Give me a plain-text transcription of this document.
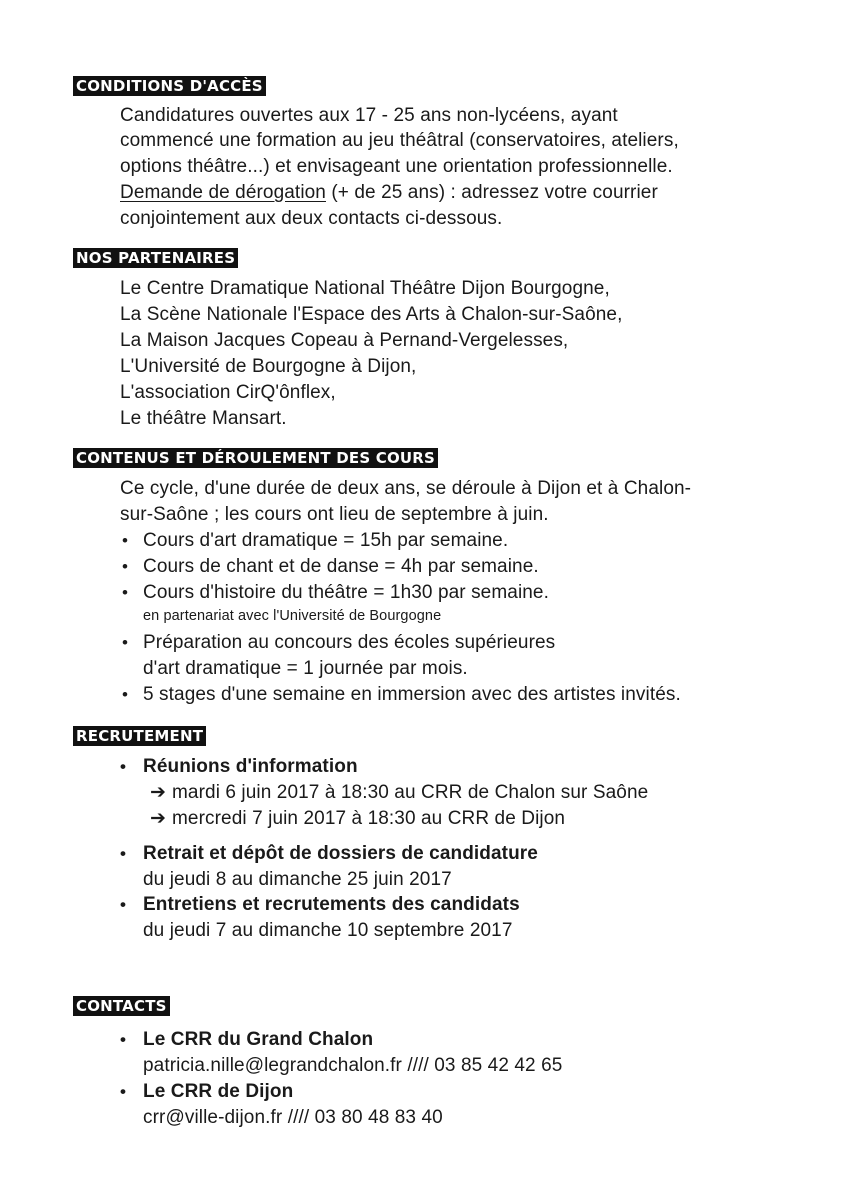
CONDITIONS D'ACCÈS
Candidatures ouvertes aux 17 - 25 ans non-lycéens, ayant
commencé une formation au jeu théâtral (conservatoires, ateliers,
options théâtre...) et envisageant une orientation professionnelle.
Demande de dérogation (+ de 25 ans) : adressez votre courrier
conjointement aux deux contacts ci-dessous.
NOS PARTENAIRES
Le Centre Dramatique National Théâtre Dijon Bourgogne,
La Scène Nationale l'Espace des Arts à Chalon-sur-Saône,
La Maison Jacques Copeau à Pernand-Vergelesses,
L'Université de Bourgogne à Dijon,
L'association CirQ'ônflex,
Le théâtre Mansart.
CONTENUS ET DÉROULEMENT DES COURS
Ce cycle, d'une durée de deux ans, se déroule à Dijon et à Chalon-
sur-Saône ; les cours ont lieu de septembre à juin.
• Cours d'art dramatique = 15h par semaine.
• Cours de chant et de danse = 4h par semaine.
• Cours d'histoire du théâtre = 1h30 par semaine.
en partenariat avec l'Université de Bourgogne
• Préparation au concours des écoles supérieures
d'art dramatique = 1 journée par mois.
• 5 stages d'une semaine en immersion avec des artistes invités.
RECRUTEMENT
• Réunions d'information
➔ mardi 6 juin 2017 à 18:30 au CRR de Chalon sur Saône
➔ mercredi 7 juin 2017 à 18:30 au CRR de Dijon
• Retrait et dépôt de dossiers de candidature
du jeudi 8 au dimanche 25 juin 2017
• Entretiens et recrutements des candidats
du jeudi 7 au dimanche 10 septembre 2017
CONTACTS
• Le CRR du Grand Chalon
patricia.nille@legrandchalon.fr //// 03 85 42 42 65
• Le CRR de Dijon
crr@ville-dijon.fr //// 03 80 48 83 40
